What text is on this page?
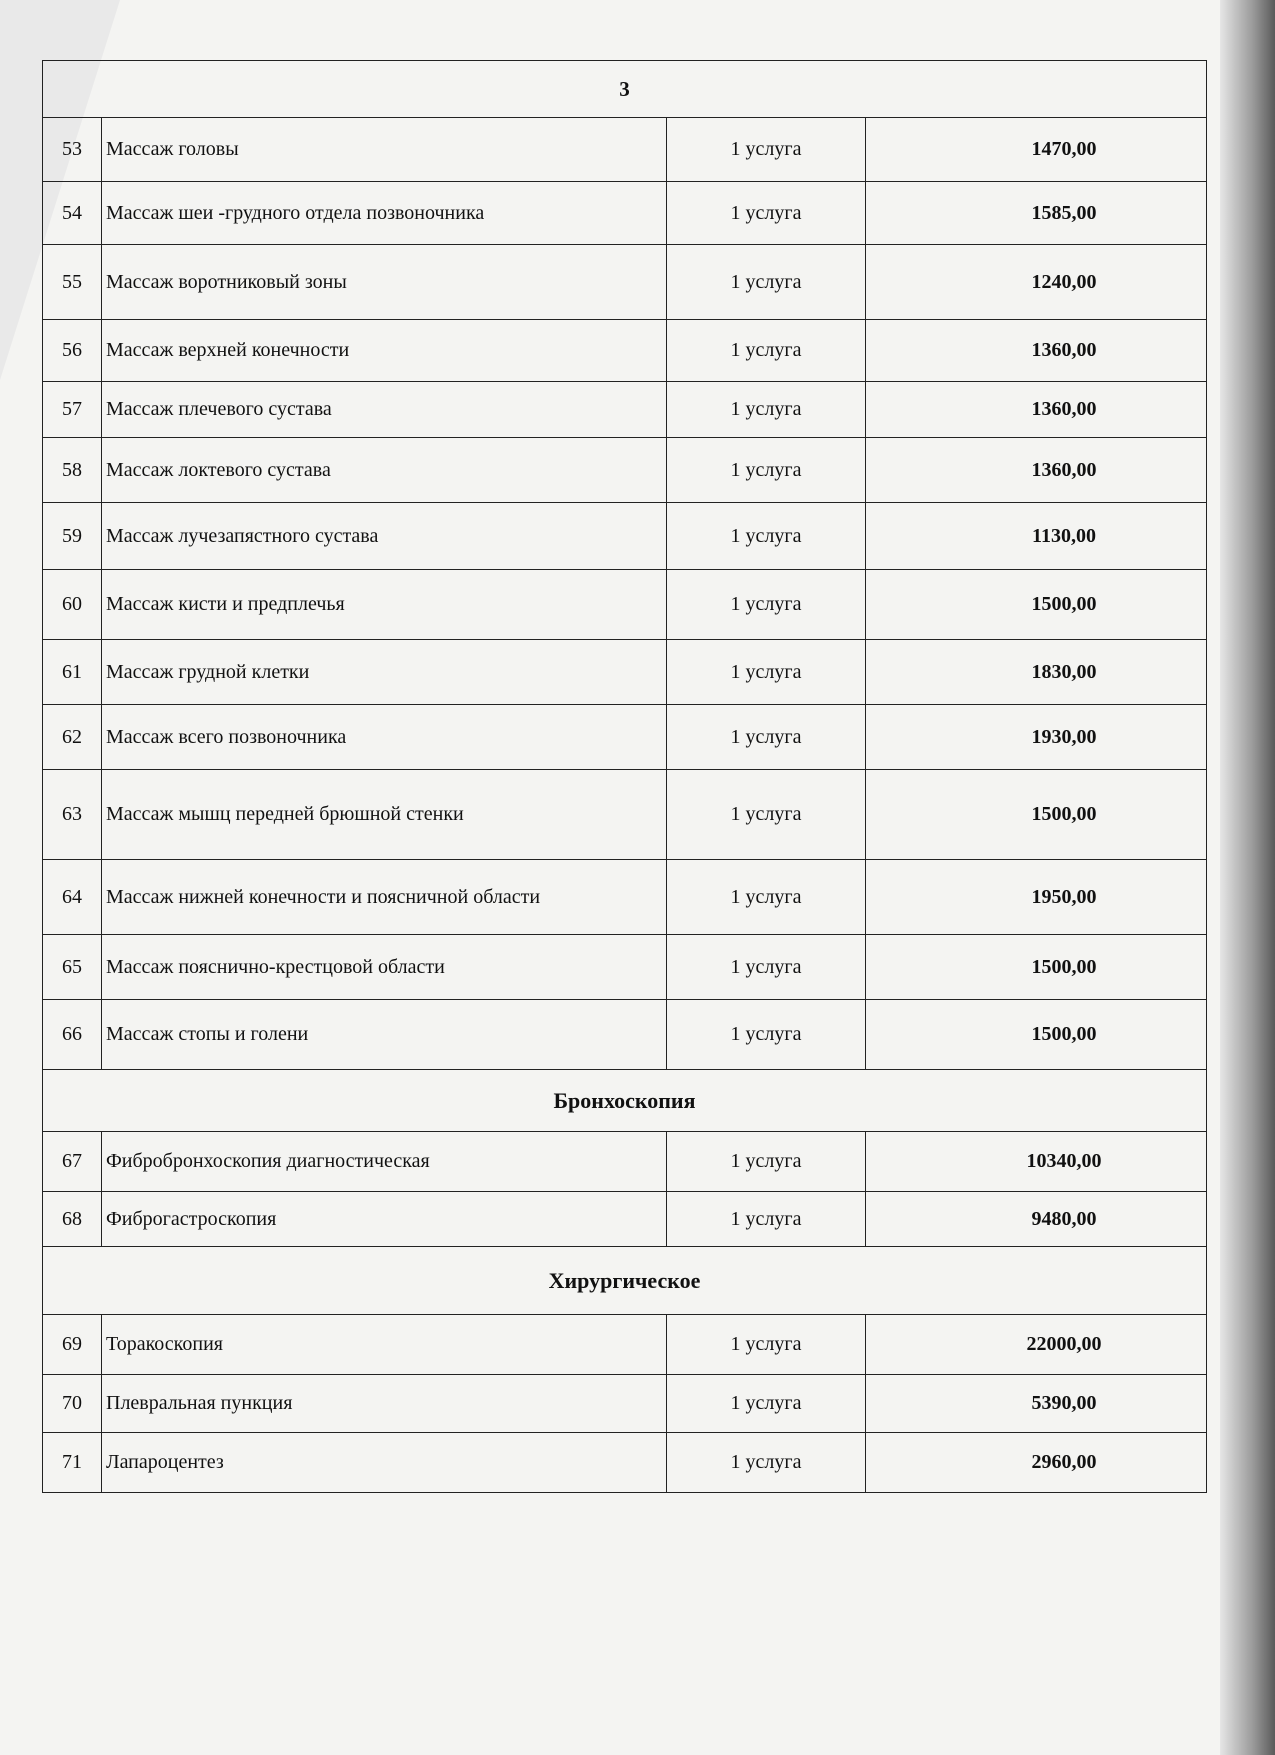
3			
53	Массаж головы	1 услуга	1470,00
54	Массаж шеи -грудного отдела позвоночника	1 услуга	1585,00
55	Массаж воротниковый зоны	1 услуга	1240,00
56	Массаж верхней конечности	1 услуга	1360,00
57	Массаж плечевого сустава	1 услуга	1360,00
58	Массаж локтевого сустава	1 услуга	1360,00
59	Массаж лучезапястного сустава	1 услуга	1130,00
60	Массаж кисти и предплечья	1 услуга	1500,00
61	Массаж грудной клетки	1 услуга	1830,00
62	Массаж всего позвоночника	1 услуга	1930,00
63	Массаж мышц передней брюшной стенки	1 услуга	1500,00
64	Массаж нижней конечности и поясничной области	1 услуга	1950,00
65	Массаж пояснично-крестцовой области	1 услуга	1500,00
66	Массаж стопы и голени	1 услуга	1500,00
Бронхоскопия			
67	Фибробронхоскопия диагностическая	1 услуга	10340,00
68	Фиброгастроскопия	1 услуга	9480,00
Хирургическое			
69	Торакоскопия	1 услуга	22000,00
70	Плевральная пункция	1 услуга	5390,00
71	Лапароцентез	1 услуга	2960,00
